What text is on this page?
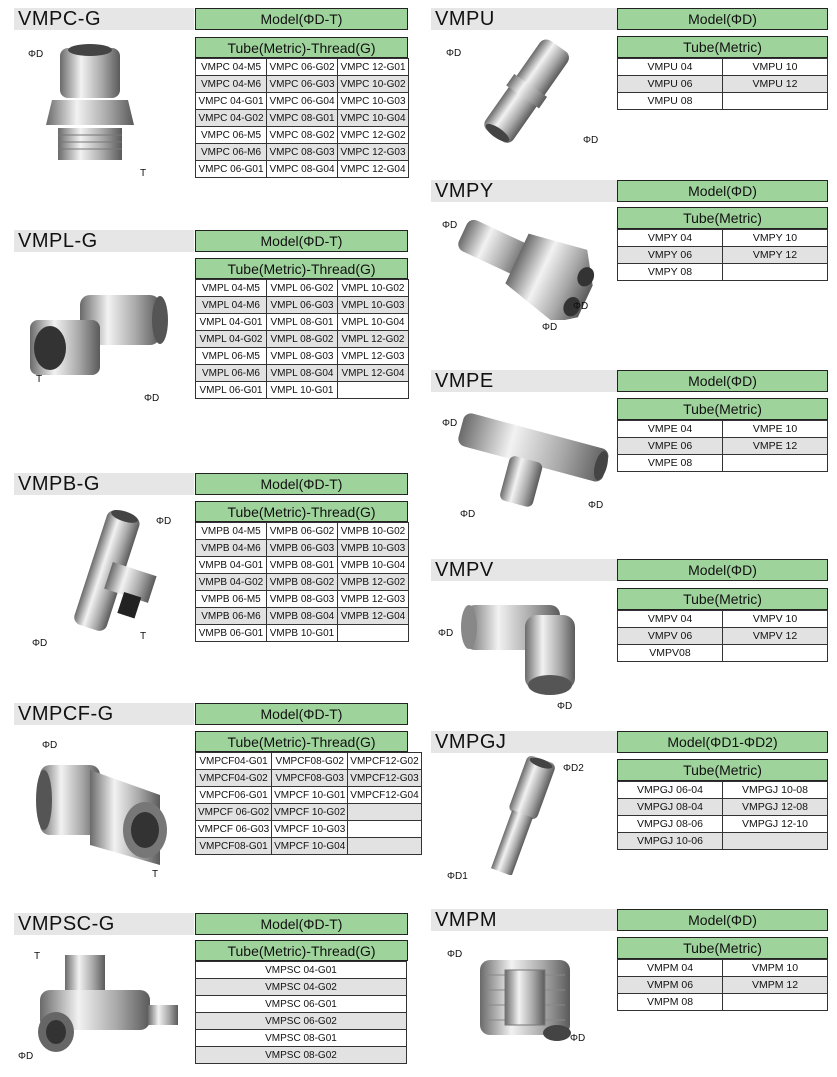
VMPC-G	Model(ΦD-T)
Tube(Metric)-Thread(G)
VMPC 04-M5	VMPC 06-G02	VMPC 12-G01
VMPC 04-M6	VMPC 06-G03	VMPC 10-G02
VMPC 04-G01	VMPC 06-G04	VMPC 10-G03
VMPC 04-G02	VMPC 08-G01	VMPC 10-G04
VMPC 06-M5	VMPC 08-G02	VMPC 12-G02
VMPC 06-M6	VMPC 08-G03	VMPC 12-G03
VMPC 06-G01	VMPC 08-G04	VMPC 12-G04
ΦD
T
VMPL-G	Model(ΦD-T)
Tube(Metric)-Thread(G)
VMPL 04-M5	VMPL 06-G02	VMPL 10-G02
VMPL 04-M6	VMPL 06-G03	VMPL 10-G03
VMPL 04-G01	VMPL 08-G01	VMPL 10-G04
VMPL 04-G02	VMPL 08-G02	VMPL 12-G02
VMPL 06-M5	VMPL 08-G03	VMPL 12-G03
VMPL 06-M6	VMPL 08-G04	VMPL 12-G04
VMPL 06-G01	VMPL 10-G01	
T
ΦD
VMPB-G	Model(ΦD-T)
Tube(Metric)-Thread(G)
VMPB 04-M5	VMPB 06-G02	VMPB 10-G02
VMPB 04-M6	VMPB 06-G03	VMPB 10-G03
VMPB 04-G01	VMPB 08-G01	VMPB 10-G04
VMPB 04-G02	VMPB 08-G02	VMPB 12-G02
VMPB 06-M5	VMPB 08-G03	VMPB 12-G03
VMPB 06-M6	VMPB 08-G04	VMPB 12-G04
VMPB 06-G01	VMPB 10-G01	
ΦD
ΦD
T
VMPCF-G	Model(ΦD-T)
Tube(Metric)-Thread(G)
VMPCF04-G01	VMPCF08-G02	VMPCF12-G02
VMPCF04-G02	VMPCF08-G03	VMPCF12-G03
VMPCF06-G01	VMPCF 10-G01	VMPCF12-G04
VMPCF 06-G02	VMPCF 10-G02	
VMPCF 06-G03	VMPCF 10-G03	
VMPCF08-G01	VMPCF 10-G04	
ΦD
T
VMPSC-G	Model(ΦD-T)
Tube(Metric)-Thread(G)
VMPSC 04-G01
VMPSC 04-G02
VMPSC 06-G01
VMPSC 06-G02
VMPSC 08-G01
VMPSC 08-G02
T
ΦD
VMPU	Model(ΦD)
Tube(Metric)
VMPU 04	VMPU 10
VMPU 06	VMPU 12
VMPU 08	
ΦD
ΦD
VMPY	Model(ΦD)
Tube(Metric)
VMPY 04	VMPY 10
VMPY 06	VMPY 12
VMPY 08	
ΦD
ΦD
ΦD
VMPE	Model(ΦD)
Tube(Metric)
VMPE 04	VMPE 10
VMPE 06	VMPE 12
VMPE 08	
ΦD
ΦD
ΦD
VMPV	Model(ΦD)
Tube(Metric)
VMPV 04	VMPV 10
VMPV 06	VMPV 12
VMPV08	
ΦD
ΦD
VMPGJ	Model(ΦD1-ΦD2)
Tube(Metric)
VMPGJ 06-04	VMPGJ 10-08
VMPGJ 08-04	VMPGJ 12-08
VMPGJ 08-06	VMPGJ 12-10
VMPGJ 10-06	
ΦD2
ΦD1
VMPM	Model(ΦD)
Tube(Metric)
VMPM 04	VMPM 10
VMPM 06	VMPM 12
VMPM 08	
ΦD
ΦD
